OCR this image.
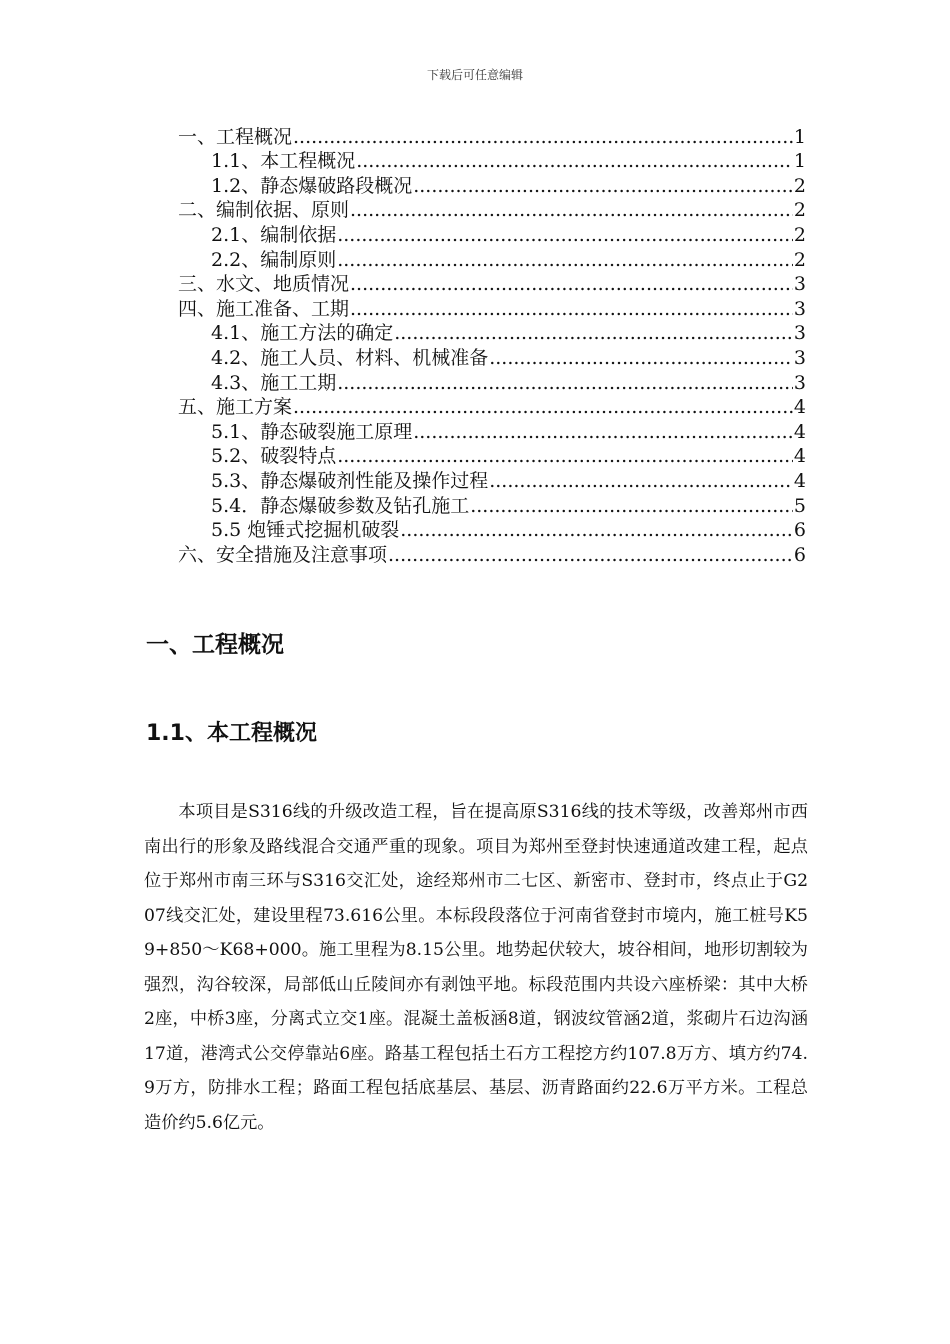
下载后可任意编辑
一、工程概况 .....	1
1.1、本工程概况 .....	1
1.2、静态爆破路段概况 .....	2
二、编制依据、原则 .....	2
2.1、编制依据 .....	2
2.2、编制原则 .....	2
三、水文、地质情况 .....	3
四、施工准备、工期 .....	3
4.1、施工方法的确定 .....	3
4.2、施工人员、材料、机械准备 .....	3
4.3、施工工期 .....	3
五、施工方案 .....	4
5.1、静态破裂施工原理 .....	4
5.2、破裂特点 .....	4
5.3、静态爆破剂性能及操作过程 .....	4
5.4．静态爆破参数及钻孔施工 .....	5
5.5 炮锤式挖掘机破裂 .....	6
六、安全措施及注意事项 .....	6
一、工程概况
1.1、本工程概况

本项目是S316线的升级改造工程，旨在提高原S316线的技术等级，改善郑州市西南出行的形象及路线混合交通严重的现象。项目为郑州至登封快速通道改建工程，起点位于郑州市南三环与S316交汇处，途经郑州市二七区、新密市、登封市，终点止于G207线交汇处，建设里程73.616公里。本标段段落位于河南省登封市境内，施工桩号K59+850～K68+000。施工里程为8.15公里。地势起伏较大，坡谷相间，地形切割较为强烈，沟谷较深，局部低山丘陵间亦有剥蚀平地。标段范围内共设六座桥梁：其中大桥2座，中桥3座，分离式立交1座。混凝土盖板涵8道，钢波纹管涵2道，浆砌片石边沟涵17道，港湾式公交停靠站6座。路基工程包括土石方工程挖方约107.8万方、填方约74.9万方，防排水工程；路面工程包括底基层、基层、沥青路面约22.6万平方米。工程总造价约5.6亿元。
